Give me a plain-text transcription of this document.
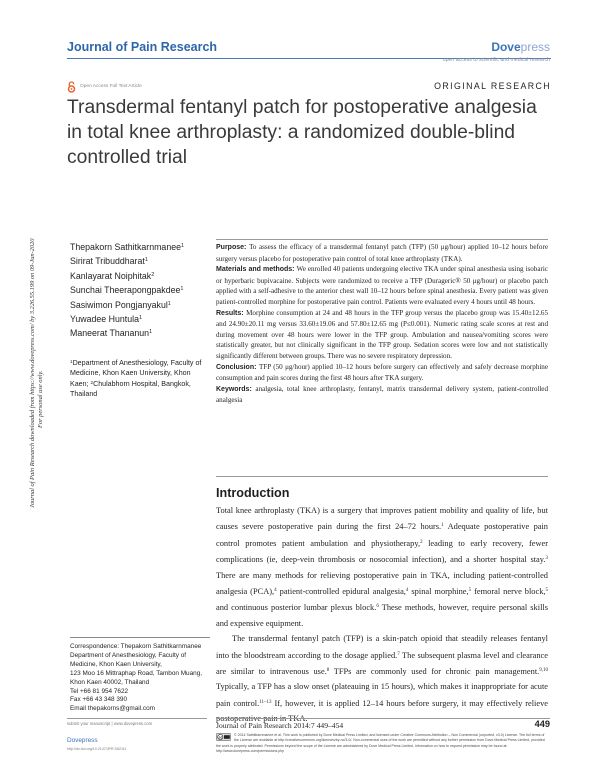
Journal of Pain Research	Dovepress
open access to scientific and medical research
Open Access Full Text Article	ORIGINAL RESEARCH
Transdermal fentanyl patch for postoperative analgesia in total knee arthroplasty: a randomized double-blind controlled trial
Journal of Pain Research downloaded from https://www.dovepress.com/ by 3.226.55.199 on 09-Jun-2020 For personal use only.
Thepakorn Sathitkarnmanee$^1$
Sirirat Tribuddharat$^1$
Kanlayarat Noiphitak$^2$
Sunchai Theerapongpakdee$^1$
Sasiwimon Pongjanyakul$^1$
Yuwadee Huntula$^1$
Maneerat Thananun$^1$
$^1$Department of Anesthesiology, Faculty of Medicine, Khon Kaen University, Khon Kaen; $^2$Chulabhorn Hospital, Bangkok, Thailand
Correspondence: Thepakorn Sathitkarnmanee
Department of Anesthesiology, Faculty of Medicine, Khon Kaen University,
123 Moo 16 Mittraphap Road, Tambon Muang, Khon Kaen 40002, Thailand
Tel +66 81 954 7622
Fax +66 43 348 390
Email thepakorns@gmail.com

Purpose: To assess the efficacy of a transdermal fentanyl patch (TFP) (50 μg/hour) applied 10–12 hours before surgery versus placebo for postoperative pain control of total knee arthroplasty (TKA).

Materials and methods: We enrolled 40 patients undergoing elective TKA under spinal anesthesia using isobaric or hyperbaric bupivacaine. Subjects were randomized to receive a TFP (Durageric® 50 μg/hour) or placebo patch applied with a self-adhesive to the anterior chest wall 10–12 hours before spinal anesthesia. Every patient was given patient-controlled morphine for postoperative pain control. Patients were evaluated every 4 hours until 48 hours.

Results: Morphine consumption at 24 and 48 hours in the TFP group versus the placebo group was 15.40±12.65 and 24.90±20.11 mg versus 33.60±19.06 and 57.80±12.65 mg (P≤0.001). Numeric rating scale scores at rest and during movement over 48 hours were lower in the TFP group. Ambulation and nausea/vomiting scores were statistically greater, but not clinically significant in the TFP group. Sedation scores were low and not statistically significantly different between groups. There was no severe respiratory depression.

Conclusion: TFP (50 μg/hour) applied 10–12 hours before surgery can effectively and safely decrease morphine consumption and pain scores during the first 48 hours after TKA surgery.

Keywords: analgesia, total knee arthroplasty, fentanyl, matrix transdermal delivery system, patient-controlled analgesia

Introduction

Total knee arthroplasty (TKA) is a surgery that improves patient mobility and quality of life, but causes severe postoperative pain during the first 24–72 hours.$^1$ Adequate postoperative pain control promotes patient ambulation and physiotherapy,$^2$ leading to early recovery, fewer complications (ie, deep-vein thrombosis or nosocomial infection), and a shorter hospital stay.$^3$ There are many methods for relieving postoperative pain in TKA, including patient-controlled analgesia (PCA),$^4$ patient-controlled epidural analgesia,$^4$ spinal morphine,$^5$ femoral nerve block,$^5$ and continuous posterior lumbar plexus block.$^6$ These methods, however, require personal skills and expensive equipment.

The transdermal fentanyl patch (TFP) is a skin-patch opioid that steadily releases fentanyl into the bloodstream according to the dosage applied.$^7$ The subsequent plasma level and clearance are similar to intravenous use.$^8$ TFPs are commonly used for chronic pain management.$^{9,10}$ Typically, a TFP has a slow onset (plateauing in 15 hours), which makes it inappropriate for acute pain control.$^{11-13}$ If, however, it is applied 12–14 hours before surgery, it may effectively relieve postoperative pain in TKA.

submit your manuscript | www.dovepress.com
Dovepress
http://dx.doi.org/10.2147/JPR.S62111
Journal of Pain Research 2014:7 449–454	449
cc
© 2014 Sathitkarnmanee et al. This work is published by Dove Medical Press Limited, and licensed under Creative Commons Attribution – Non Commercial (unported, v3.0) License. The full terms of the License are available at http://creativecommons.org/licenses/by-nc/3.0/. Non-commercial uses of the work are permitted without any further permission from Dove Medical Press Limited, provided the work is properly attributed. Permissions beyond the scope of the License are administered by Dove Medical Press Limited. Information on how to request permission may be found at: http://www.dovepress.com/permissions.php
